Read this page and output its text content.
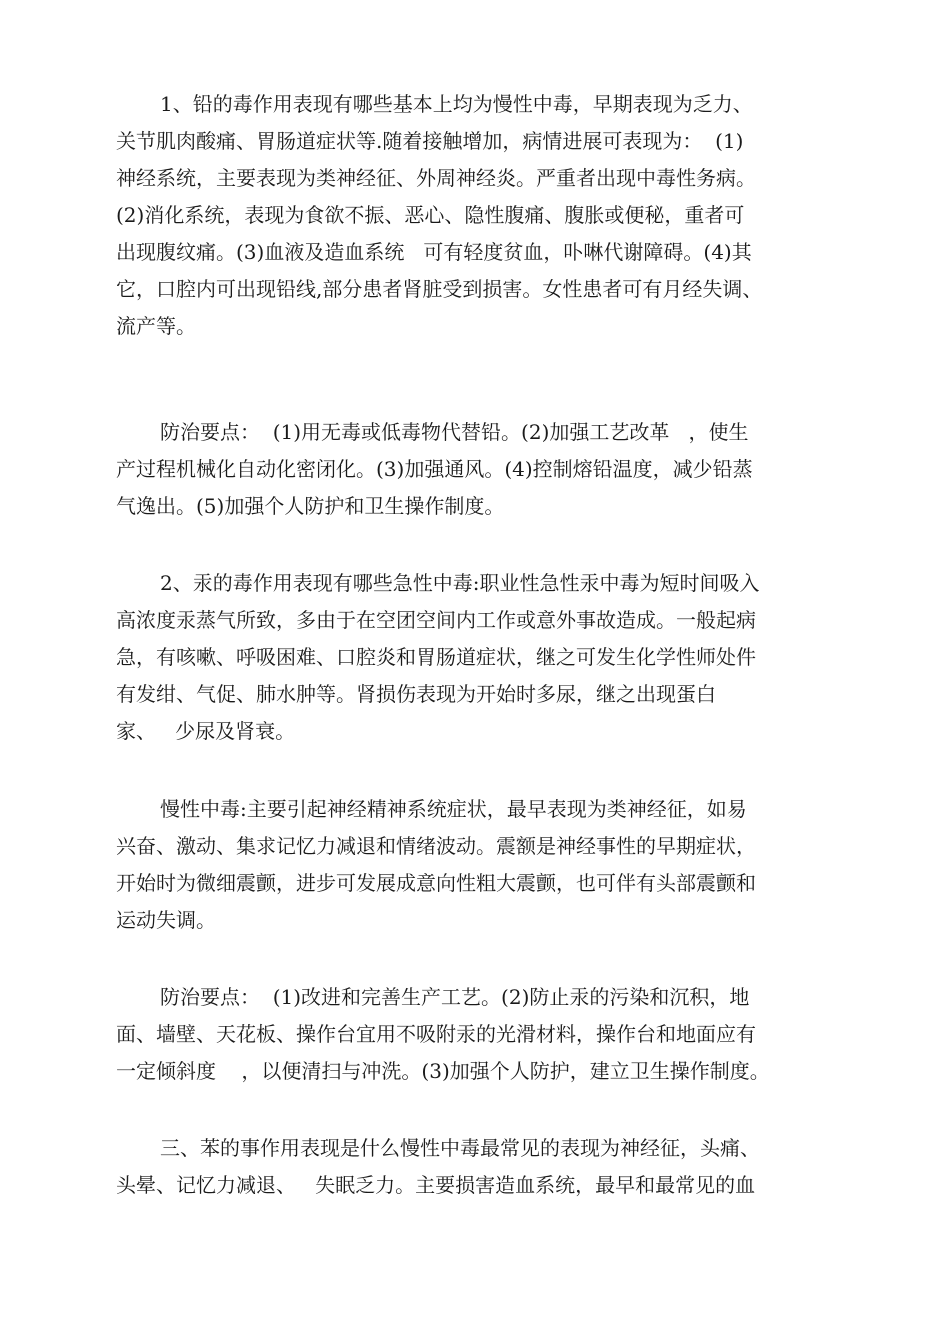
1、铅的毒作用表现有哪些基本上均为慢性中毒，早期表现为乏力、
关节肌肉酸痛、胃肠道症状等.随着接触增加，病情进展可表现为：  (1)
神经系统，主要表现为类神经征、外周神经炎。严重者出现中毒性务病。
(2)消化系统，表现为食欲不振、恶心、隐性腹痛、腹胀或便秘，重者可
出现腹纹痛。(3)血液及造血系统   可有轻度贫血，卟啉代谢障碍。(4)其
它，口腔内可出现铅线,部分患者肾脏受到损害。女性患者可有月经失调、
流产等。
防治要点：  (1)用无毒或低毒物代替铅。(2)加强工艺改革   ，使生
产过程机械化自动化密闭化。(3)加强通风。(4)控制熔铅温度，减少铅蒸
气逸出。(5)加强个人防护和卫生操作制度。
2、汞的毒作用表现有哪些急性中毒:职业性急性汞中毒为短时间吸入
高浓度汞蒸气所致，多由于在空团空间内工作或意外事故造成。一般起病
急，有咳嗽、呼吸困难、口腔炎和胃肠道症状，继之可发生化学性师处件
有发绀、气促、肺水肿等。肾损伤表现为开始时多尿，继之出现蛋白
家、   少尿及肾衰。
慢性中毒:主要引起神经精神系统症状，最早表现为类神经征，如易
兴奋、激动、集求记忆力减退和情绪波动。震额是神经事性的早期症状，
开始时为微细震颤，进步可发展成意向性粗大震颤，也可伴有头部震颤和
运动失调。
防治要点：  (1)改进和完善生产工艺。(2)防止汞的污染和沉积，地
面、墙壁、天花板、操作台宜用不吸附汞的光滑材料，操作台和地面应有
一定倾斜度    ，以便清扫与冲洗。(3)加强个人防护，建立卫生操作制度。
三、苯的事作用表现是什么慢性中毒最常见的表现为神经征，头痛、
头晕、记忆力减退、   失眠乏力。主要损害造血系统，最早和最常见的血
